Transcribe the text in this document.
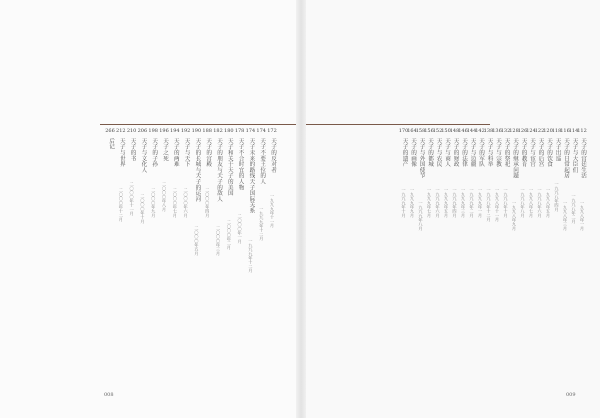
172
天子的反对者
一九九九年十一月
174
天子不要王位的人
一九九九年十二月
174
天子未来的路线天子国际关系
一九九九年十二月
178
天子不合时宜的人物
二〇〇〇年一月
180
天子和关于天子的美国
二〇〇〇年二月
182
天子的朋友与天子的敌人
二〇〇〇年三月
188
天子的宫殿
二〇〇〇年四月
190
天子的长城与天子的运河
二〇〇〇年五月
192
天子与天下
二〇〇〇年六月
194
天子的两难
二〇〇〇年七月
196
天子之死
二〇〇〇年八月
198
天子的子孙
二〇〇〇年九月
206
天子与文化人
二〇〇〇年十月
210
天子的书
二〇〇〇年十一月
212
天子与世界
二〇〇〇年十二月
266
后记
008
112
天子的宫廷生活
一九九八年一月
114
天子与大臣们
一九九八年二月
116
天子的日常起居
一九九八年三月
118
天子出巡
一九九八年四月
120
天子的饮食
一九九八年五月
122
天子的后宫
一九九八年六月
124
天子与宦官
一九九八年七月
126
天子的教育
一九九八年八月
128
天子的继承问题
一九九八年九月
132
天子的祭祀
一九九八年十月
136
天子与宗教
一九九八年十一月
138
天子与科举
一九九八年十二月
142
天子的军队
一九九九年一月
144
天子与边疆
一九九九年二月
146
天子的法律
一九九九年三月
148
天子的财政
一九九九年四月
150
天子与商人
一九九九年五月
152
天子与农民
一九九九年六月
156
天子的都城
一九九九年七月
158
天子与外国使节
一九九九年八月
164
天子的画像
一九九九年九月
170
天子的遗产
一九九九年十月
009
